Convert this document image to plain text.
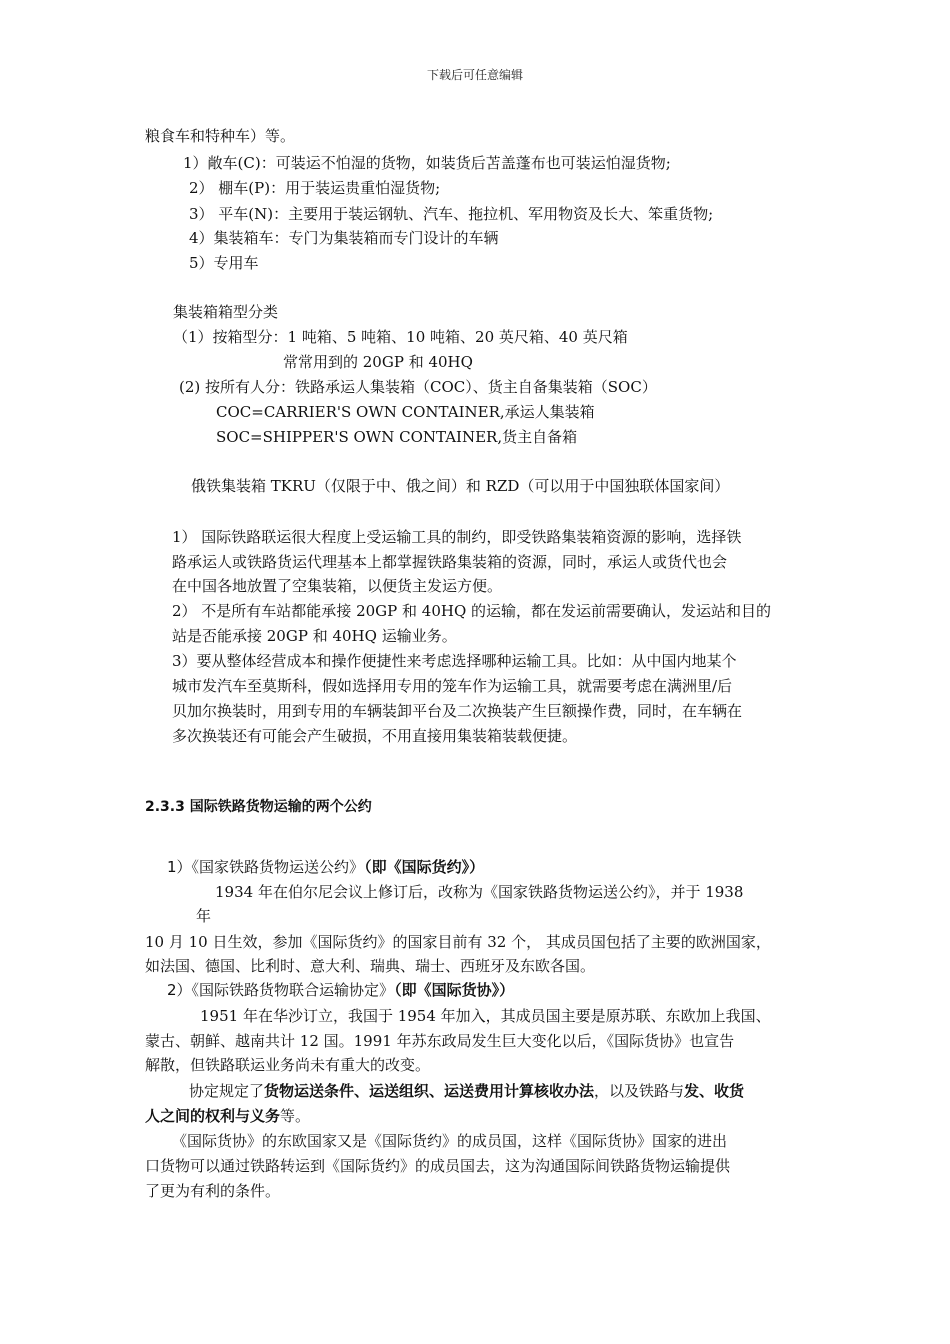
下载后可任意编辑
粮食车和特种车）等。
1）敞车(C)：可装运不怕湿的货物，如装货后苫盖蓬布也可装运怕湿货物;
2） 棚车(P)：用于装运贵重怕湿货物;
3） 平车(N)：主要用于装运钢轨、汽车、拖拉机、军用物资及长大、笨重货物;
4）集装箱车：专门为集装箱而专门设计的车辆
5）专用车
集装箱箱型分类
（1）按箱型分：1 吨箱、5 吨箱、10 吨箱、20 英尺箱、40 英尺箱
常常用到的 20GP 和 40HQ
(2) 按所有人分：铁路承运人集装箱（COC）、货主自备集装箱（SOC）
COC=CARRIER'S OWN CONTAINER,承运人集装箱
SOC=SHIPPER'S OWN CONTAINER,货主自备箱
俄铁集装箱 TKRU（仅限于中、俄之间）和 RZD（可以用于中国独联体国家间）
1） 国际铁路联运很大程度上受运输工具的制约，即受铁路集装箱资源的影响，选择铁
路承运人或铁路货运代理基本上都掌握铁路集装箱的资源，同时，承运人或货代也会
在中国各地放置了空集装箱，以便货主发运方便。
2） 不是所有车站都能承接 20GP 和 40HQ 的运输，都在发运前需要确认，发运站和目的
站是否能承接 20GP 和 40HQ 运输业务。
3）要从整体经营成本和操作便捷性来考虑选择哪种运输工具。比如：从中国内地某个
城市发汽车至莫斯科，假如选择用专用的笼车作为运输工具，就需要考虑在满洲里/后
贝加尔换装时，用到专用的车辆装卸平台及二次换装产生巨额操作费，同时，在车辆在
多次换装还有可能会产生破损，不用直接用集装箱装载便捷。
2.3.3 国际铁路货物运输的两个公约
1）《国家铁路货物运送公约》（即《国际货约》）
1934 年在伯尔尼会议上修订后，改称为《国家铁路货物运送公约》，并于 1938
年
10 月 10 日生效，参加《国际货约》的国家目前有 32 个， 其成员国包括了主要的欧洲国家，
如法国、德国、比利时、意大利、瑞典、瑞士、西班牙及东欧各国。
2）《国际铁路货物联合运输协定》（即《国际货协》）
1951 年在华沙订立，我国于 1954 年加入，其成员国主要是原苏联、东欧加上我国、
蒙古、朝鲜、越南共计 12 国。1991 年苏东政局发生巨大变化以后，《国际货协》也宣告
解散，但铁路联运业务尚未有重大的改变。
协定规定了货物运送条件、运送组织、运送费用计算核收办法，以及铁路与发、收货
人之间的权利与义务等。
《国际货协》的东欧国家又是《国际货约》的成员国，这样《国际货协》国家的进出
口货物可以通过铁路转运到《国际货约》的成员国去，这为沟通国际间铁路货物运输提供
了更为有利的条件。
